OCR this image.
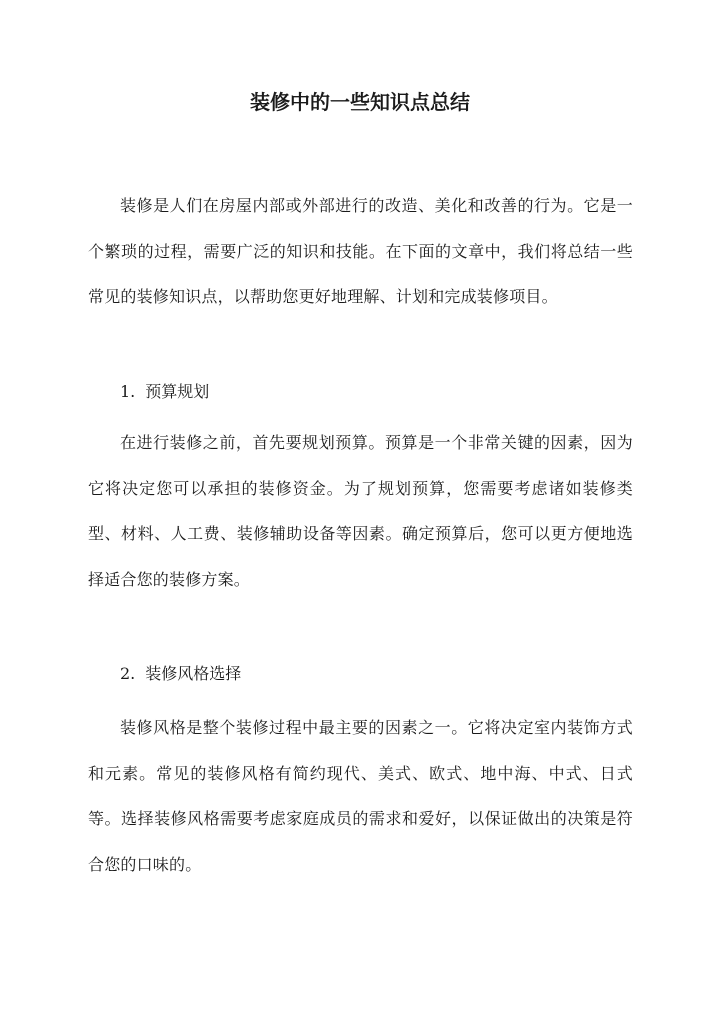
装修中的一些知识点总结

装修是人们在房屋内部或外部进行的改造、美化和改善的行为。它是一个繁琐的过程，需要广泛的知识和技能。在下面的文章中，我们将总结一些常见的装修知识点，以帮助您更好地理解、计划和完成装修项目。

1. 预算规划

在进行装修之前，首先要规划预算。预算是一个非常关键的因素，因为它将决定您可以承担的装修资金。为了规划预算，您需要考虑诸如装修类型、材料、人工费、装修辅助设备等因素。确定预算后，您可以更方便地选择适合您的装修方案。

2. 装修风格选择

装修风格是整个装修过程中最主要的因素之一。它将决定室内装饰方式和元素。常见的装修风格有简约现代、美式、欧式、地中海、中式、日式等。选择装修风格需要考虑家庭成员的需求和爱好，以保证做出的决策是符合您的口味的。
